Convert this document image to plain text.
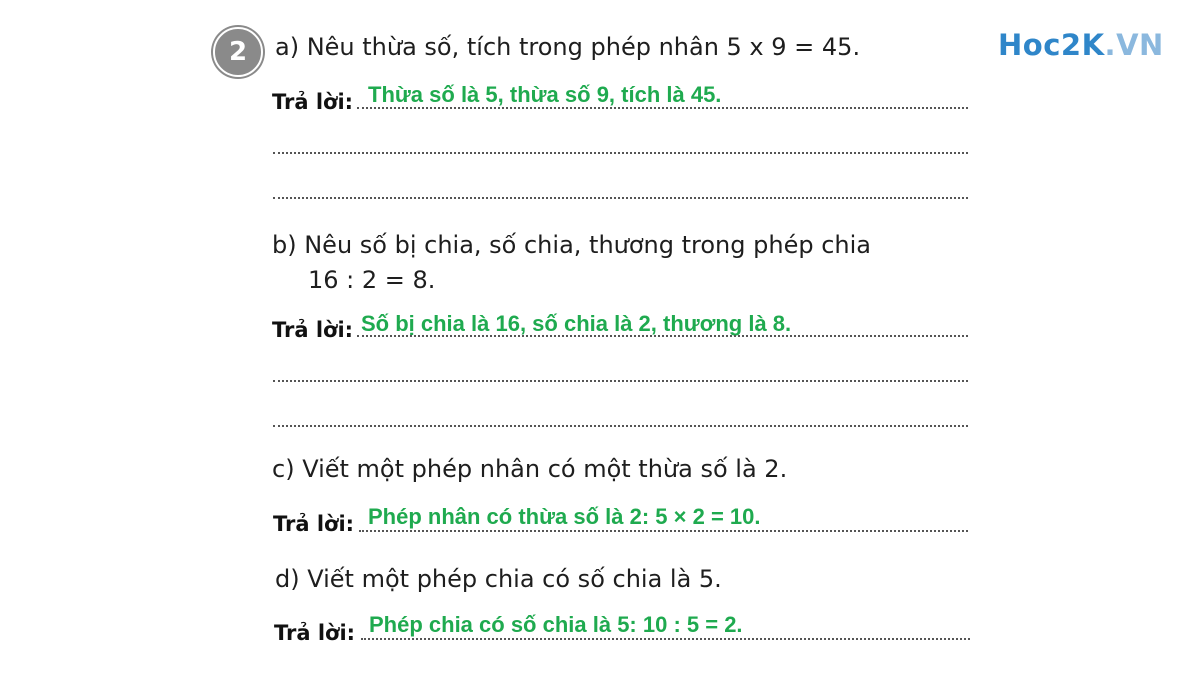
2	Hoc2K.VN
a) Nêu thừa số, tích trong phép nhân 5 x 9 = 45.
Trả lời: Thừa số là 5, thừa số 9, tích là 45.
b) Nêu số bị chia, số chia, thương trong phép chia
16 : 2 = 8.
Trả lời: Số bị chia là 16, số chia là 2, thương là 8.
c) Viết một phép nhân có một thừa số là 2.
Trả lời: Phép nhân có thừa số là 2: 5 × 2 = 10.
d) Viết một phép chia có số chia là 5.
Trả lời: Phép chia có số chia là 5: 10 : 5 = 2.
